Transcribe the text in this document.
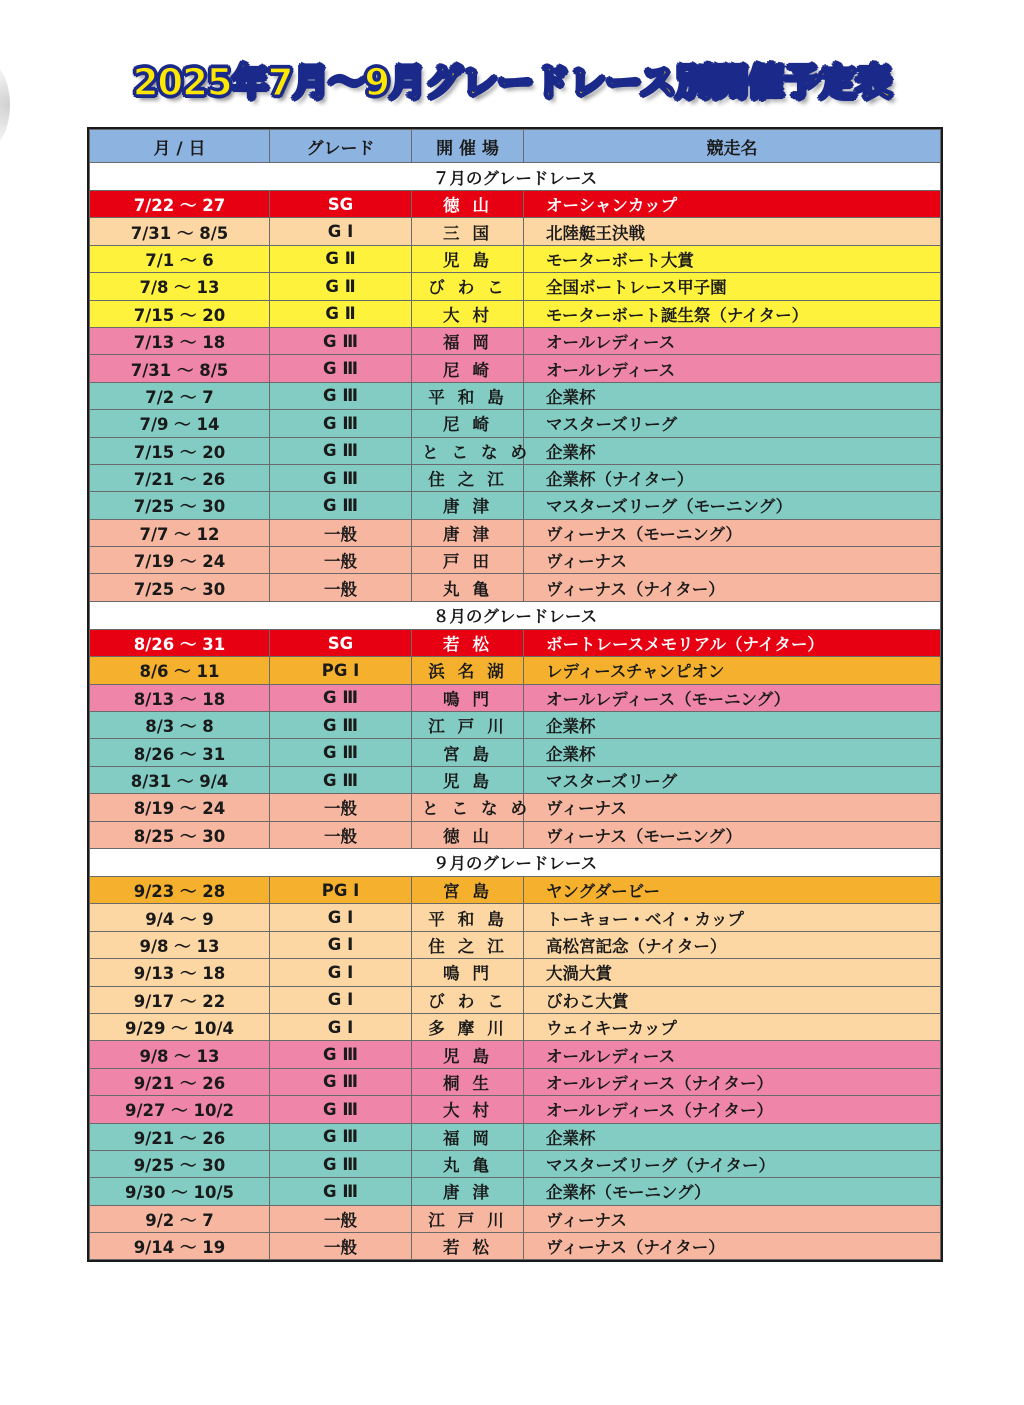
2025年7月～9月グレードレース別開催予定表
月 / 日	グレード	開 催 場	競走名
７月のグレードレース			
7/22 ～ 27	SG	徳山	オーシャンカップ
7/31 ～ 8/5	G Ⅰ	三国	北陸艇王決戦
7/1 ～ 6	G Ⅱ	児島	モーターボート大賞
7/8 ～ 13	G Ⅱ	びわこ	全国ボートレース甲子園
7/15 ～ 20	G Ⅱ	大村	モーターボート誕生祭（ナイター）
7/13 ～ 18	G Ⅲ	福岡	オールレディース
7/31 ～ 8/5	G Ⅲ	尼崎	オールレディース
7/2 ～ 7	G Ⅲ	平和島	企業杯
7/9 ～ 14	G Ⅲ	尼崎	マスターズリーグ
7/15 ～ 20	G Ⅲ	とこなめ	企業杯
7/21 ～ 26	G Ⅲ	住之江	企業杯（ナイター）
7/25 ～ 30	G Ⅲ	唐津	マスターズリーグ（モーニング）
7/7 ～ 12	一般	唐津	ヴィーナス（モーニング）
7/19 ～ 24	一般	戸田	ヴィーナス
7/25 ～ 30	一般	丸亀	ヴィーナス（ナイター）
８月のグレードレース			
8/26 ～ 31	SG	若松	ボートレースメモリアル（ナイター）
8/6 ～ 11	PG Ⅰ	浜名湖	レディースチャンピオン
8/13 ～ 18	G Ⅲ	鳴門	オールレディース（モーニング）
8/3 ～ 8	G Ⅲ	江戸川	企業杯
8/26 ～ 31	G Ⅲ	宮島	企業杯
8/31 ～ 9/4	G Ⅲ	児島	マスターズリーグ
8/19 ～ 24	一般	とこなめ	ヴィーナス
8/25 ～ 30	一般	徳山	ヴィーナス（モーニング）
９月のグレードレース			
9/23 ～ 28	PG Ⅰ	宮島	ヤングダービー
9/4 ～ 9	G Ⅰ	平和島	トーキョー・ベイ・カップ
9/8 ～ 13	G Ⅰ	住之江	高松宮記念（ナイター）
9/13 ～ 18	G Ⅰ	鳴門	大渦大賞
9/17 ～ 22	G Ⅰ	びわこ	びわこ大賞
9/29 ～ 10/4	G Ⅰ	多摩川	ウェイキーカップ
9/8 ～ 13	G Ⅲ	児島	オールレディース
9/21 ～ 26	G Ⅲ	桐生	オールレディース（ナイター）
9/27 ～ 10/2	G Ⅲ	大村	オールレディース（ナイター）
9/21 ～ 26	G Ⅲ	福岡	企業杯
9/25 ～ 30	G Ⅲ	丸亀	マスターズリーグ（ナイター）
9/30 ～ 10/5	G Ⅲ	唐津	企業杯（モーニング）
9/2 ～ 7	一般	江戸川	ヴィーナス
9/14 ～ 19	一般	若松	ヴィーナス（ナイター）
